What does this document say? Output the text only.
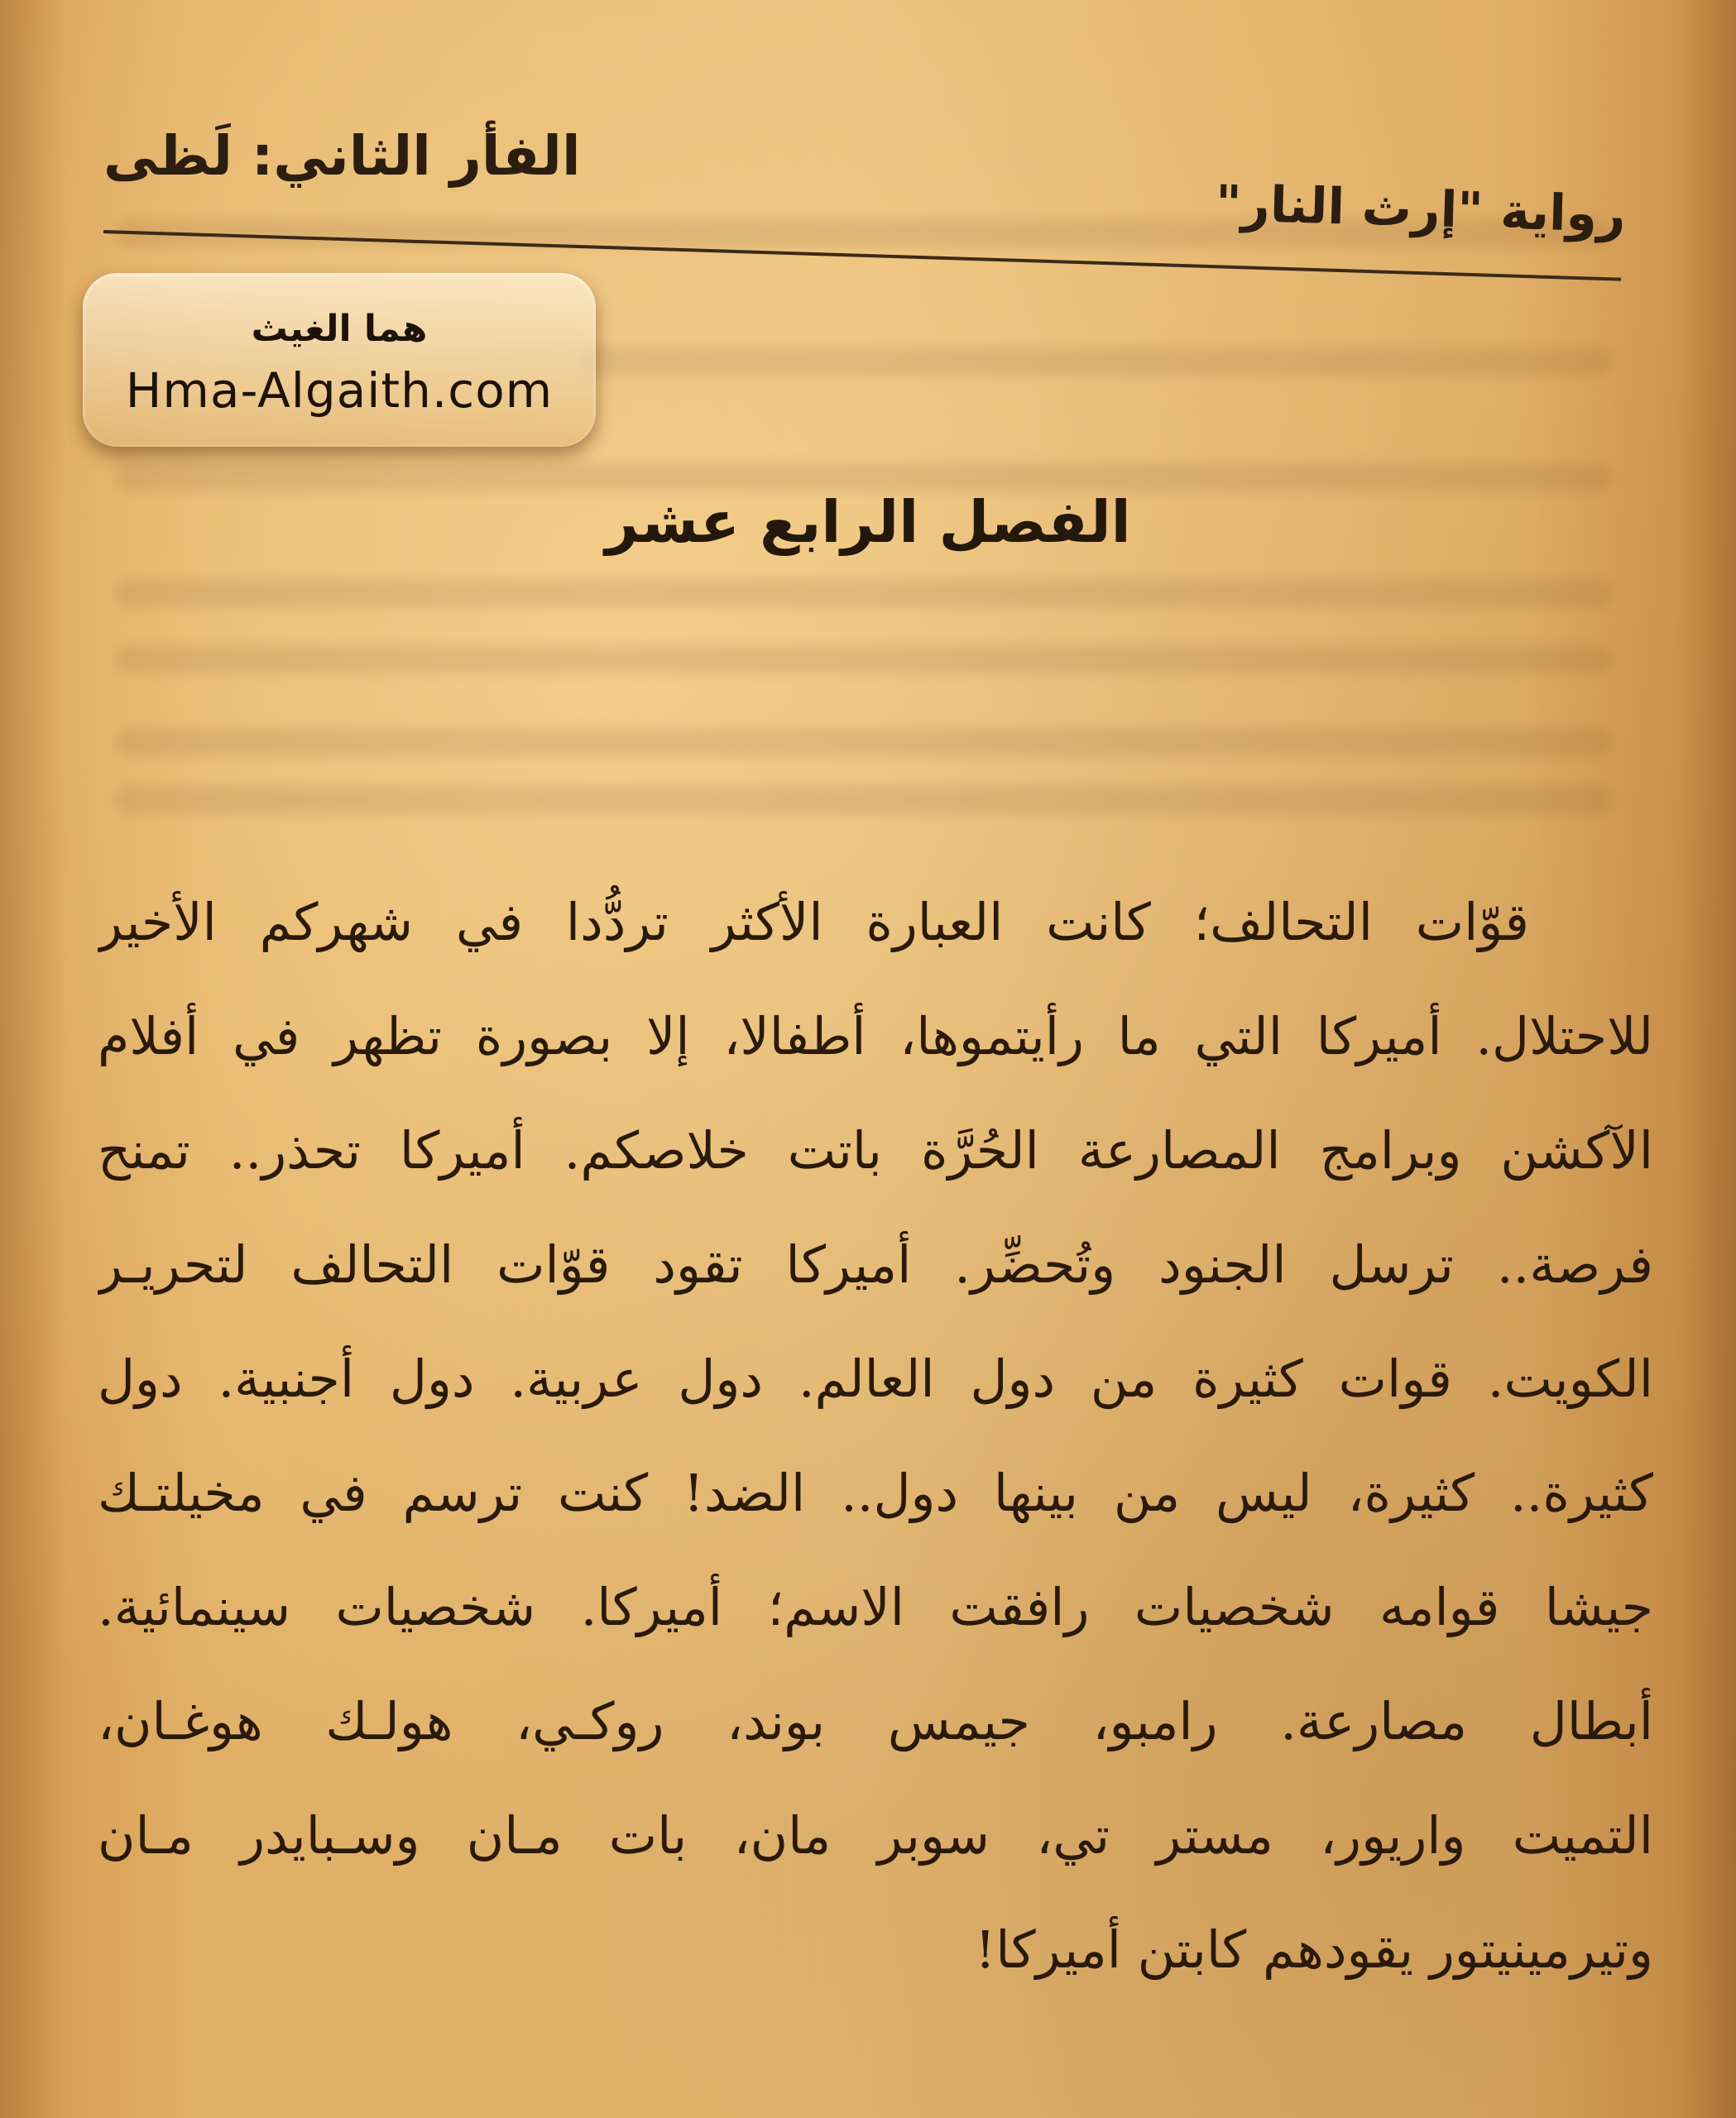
الفأر الثاني: لَظى
رواية "إرث النار"
هما الغيث
Hma-Algaith.com
الفصل الرابع عشر
قوّات التحالف؛ كانت العبارة الأكثر تردُّدا في شهركم الأخير
للاحتلال. أميركا التي ما رأيتموها، أطفالا، إلا بصورة تظهر في أفلام
الآكشن وبرامج المصارعة الحُرَّة باتت خلاصكم. أميركا تحذر.. تمنح
فرصة.. ترسل الجنود وتُحضِّر. أميركا تقود قوّات التحالف لتحريـر
الكويت. قوات كثيرة من دول العالم. دول عربية. دول أجنبية. دول
كثيرة.. كثيرة، ليس من بينها دول.. الضد! كنت ترسم في مخيلتـك
جيشا قوامه شخصيات رافقت الاسم؛ أميركا. شخصيات سينمائية.
أبطال مصارعة. رامبو، جيمس بوند، روكـي، هولـك هوغـان،
التميت واريور، مستر تي، سوبر مان، بات مـان وسـبايدر مـان
وتيرمينيتور يقودهم كابتن أميركا!
